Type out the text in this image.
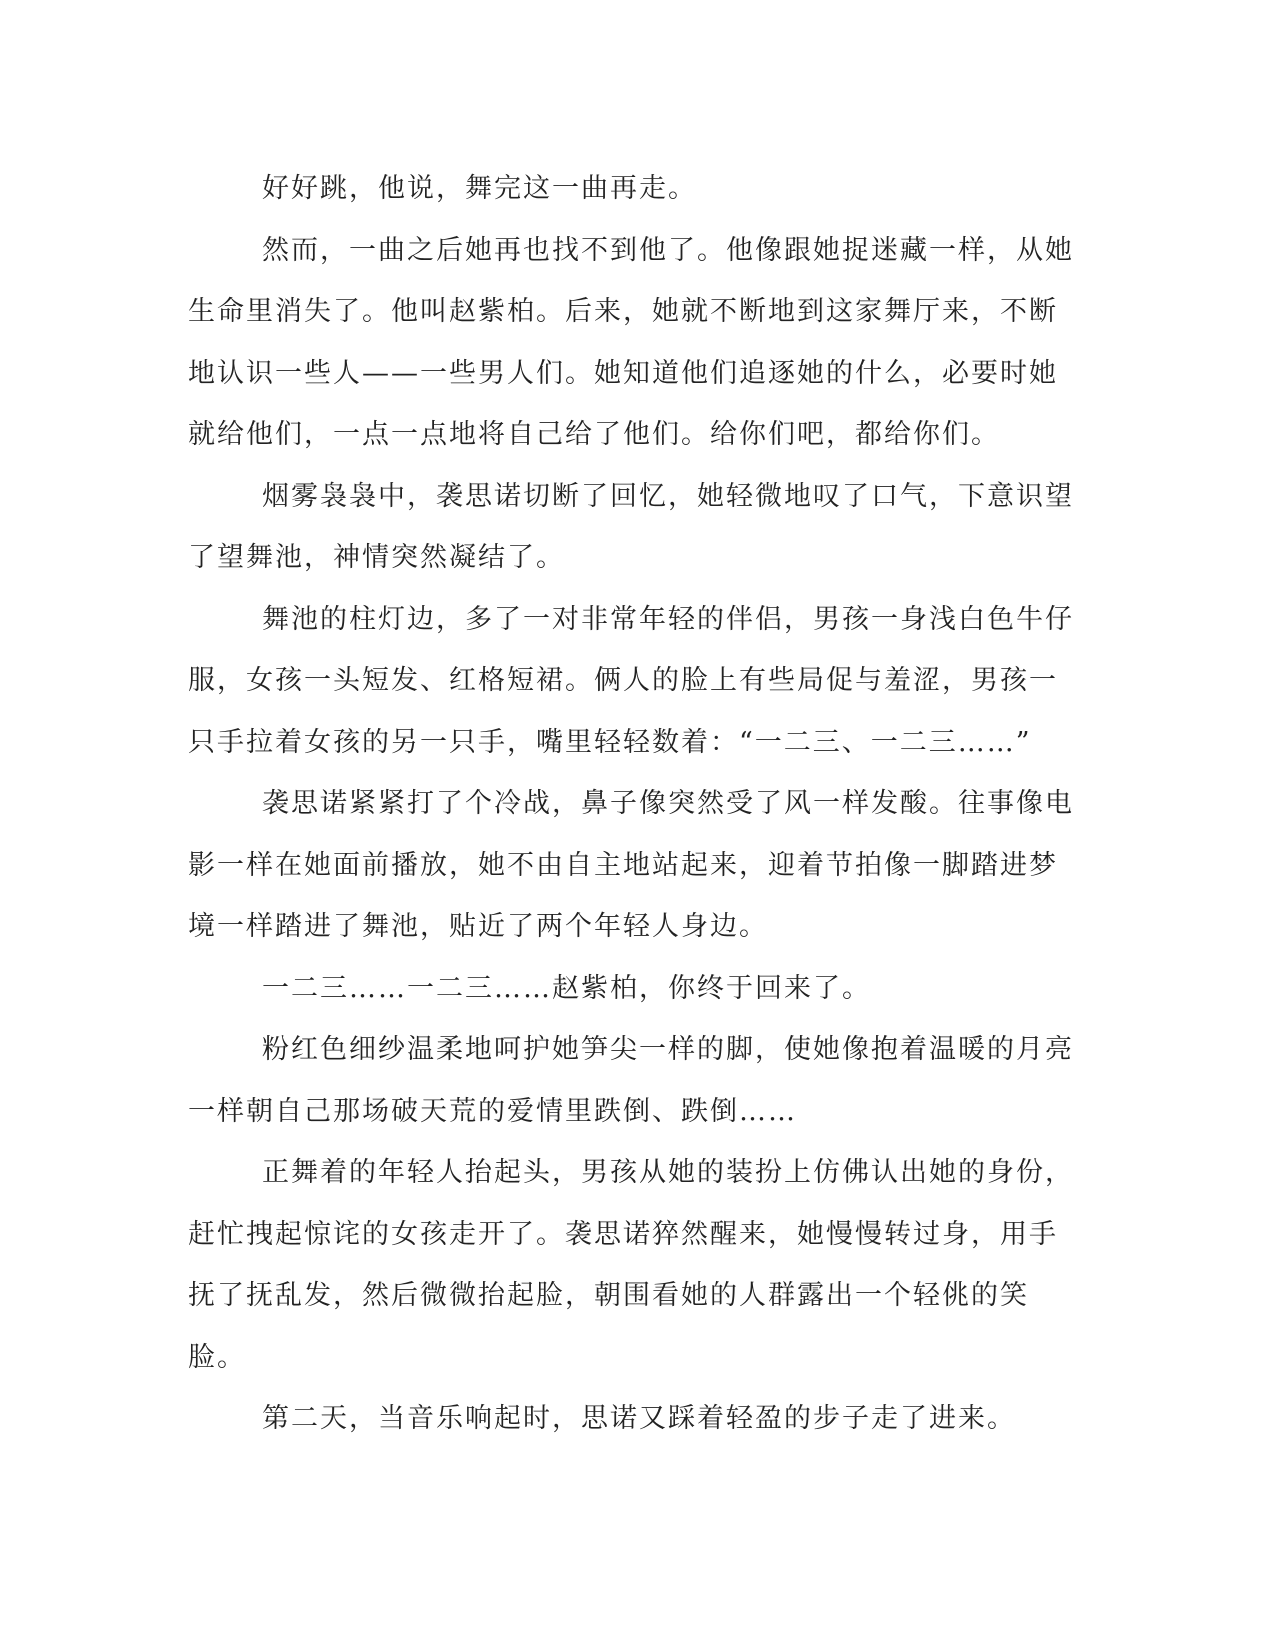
好好跳，他说，舞完这一曲再走。

然而，一曲之后她再也找不到他了。他像跟她捉迷藏一样，从她生命里消失了。他叫赵紫柏。后来，她就不断地到这家舞厅来，不断地认识一些人——一些男人们。她知道他们追逐她的什么，必要时她就给他们，一点一点地将自己给了他们。给你们吧，都给你们。

烟雾袅袅中，袭思诺切断了回忆，她轻微地叹了口气，下意识望了望舞池，神情突然凝结了。

舞池的柱灯边，多了一对非常年轻的伴侣，男孩一身浅白色牛仔服，女孩一头短发、红格短裙。俩人的脸上有些局促与羞涩，男孩一只手拉着女孩的另一只手，嘴里轻轻数着：“一二三、一二三……”

袭思诺紧紧打了个冷战，鼻子像突然受了风一样发酸。往事像电影一样在她面前播放，她不由自主地站起来，迎着节拍像一脚踏进梦境一样踏进了舞池，贴近了两个年轻人身边。

一二三……一二三……赵紫柏，你终于回来了。

粉红色细纱温柔地呵护她笋尖一样的脚，使她像抱着温暖的月亮一样朝自己那场破天荒的爱情里跌倒、跌倒……

正舞着的年轻人抬起头，男孩从她的装扮上仿佛认出她的身份，赶忙拽起惊诧的女孩走开了。袭思诺猝然醒来，她慢慢转过身，用手抚了抚乱发，然后微微抬起脸，朝围看她的人群露出一个轻佻的笑脸。

第二天，当音乐响起时，思诺又踩着轻盈的步子走了进来。
